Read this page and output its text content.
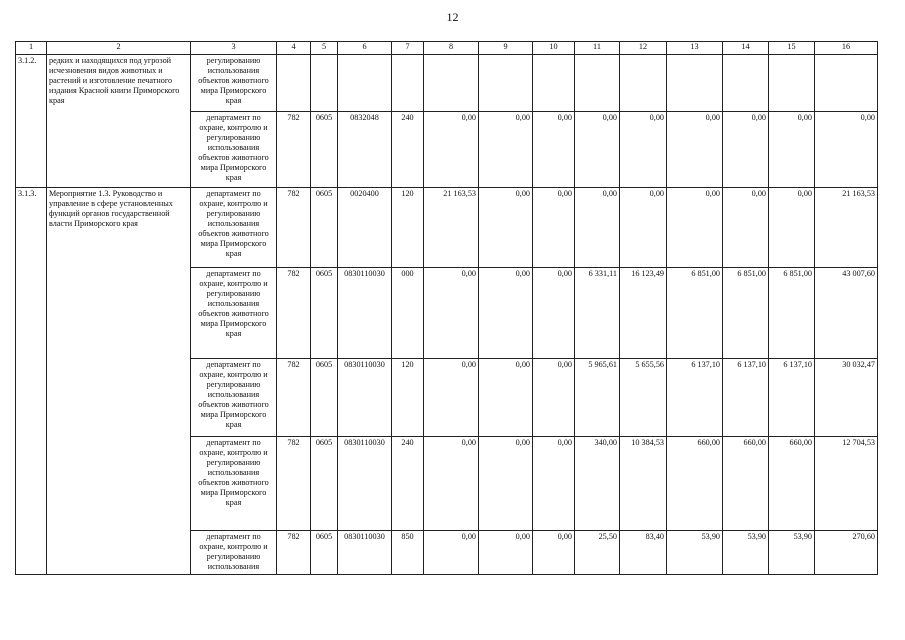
12
1	2	3	4	5	6	7	8	9	10	11	12	13	14	15	16
3.1.2.	редких и находящихся под угрозой исчезновения видов животных и растений и изготовление печатного издания Красной книги Приморского края	регулированию использования объектов животного мира Приморского края													
		департамент по охране, контролю и регулированию использования объектов животного мира Приморского края	782	0605	0832048	240	0,00	0,00	0,00	0,00	0,00	0,00	0,00	0,00	0,00
3.1.3.	Мероприятие 1.3. Руководство и управление в сфере установленных функций органов государственной власти Приморского края	департамент по охране, контролю и регулированию использования объектов животного мира Приморского края	782	0605	0020400	120	21 163,53	0,00	0,00	0,00	0,00	0,00	0,00	0,00	21 163,53
		департамент по охране, контролю и регулированию использования объектов животного мира Приморского края	782	0605	0830110030	000	0,00	0,00	0,00	6 331,11	16 123,49	6 851,00	6 851,00	6 851,00	43 007,60
		департамент по охране, контролю и регулированию использования объектов животного мира Приморского края	782	0605	0830110030	120	0,00	0,00	0,00	5 965,61	5 655,56	6 137,10	6 137,10	6 137,10	30 032,47
		департамент по охране, контролю и регулированию использования объектов животного мира Приморского края	782	0605	0830110030	240	0,00	0,00	0,00	340,00	10 384,53	660,00	660,00	660,00	12 704,53
		департамент по охране, контролю и регулированию использования	782	0605	0830110030	850	0,00	0,00	0,00	25,50	83,40	53,90	53,90	53,90	270,60
